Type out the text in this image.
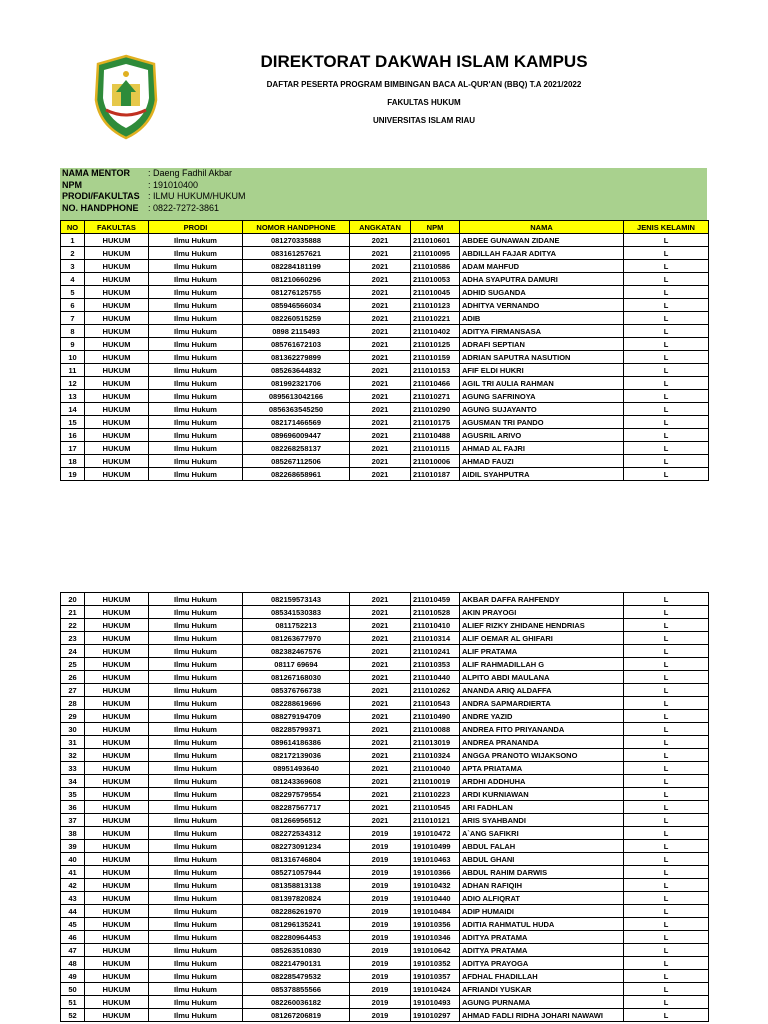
DIREKTORAT DAKWAH ISLAM KAMPUS
DAFTAR PESERTA PROGRAM BIMBINGAN BACA AL-QUR'AN (BBQ) T.A 2021/2022
FAKULTAS HUKUM
UNIVERSITAS ISLAM RIAU
NAMA MENTOR	: Daeng Fadhil Akbar
NPM	: 191010400
PRODI/FAKULTAS : ILMU HUKUM/HUKUM
NO. HANDPHONE	: 0822-7272-3861
NO	FAKULTAS	PRODI	NOMOR HANDPHONE	ANGKATAN	NPM	NAMA	JENIS KELAMIN
1	HUKUM	Ilmu Hukum	081270335888	2021	211010601	ABDEE GUNAWAN ZIDANE	L
2	HUKUM	Ilmu Hukum	083161257621	2021	211010095	ABDILLAH FAJAR ADITYA	L
3	HUKUM	Ilmu Hukum	082284181199	2021	211010586	ADAM MAHFUD	L
4	HUKUM	Ilmu Hukum	081210660296	2021	211010053	ADHA SYAPUTRA DAMURI	L
5	HUKUM	Ilmu Hukum	081276125755	2021	211010045	ADHID SUGANDA	L
6	HUKUM	Ilmu Hukum	085946566034	2021	211010123	ADHITYA VERNANDO	L
7	HUKUM	Ilmu Hukum	082260515259	2021	211010221	ADIB	L
8	HUKUM	Ilmu Hukum	0898 2115493	2021	211010402	ADITYA FIRMANSASA	L
9	HUKUM	Ilmu Hukum	085761672103	2021	211010125	ADRAFI SEPTIAN	L
10	HUKUM	Ilmu Hukum	081362279899	2021	211010159	ADRIAN SAPUTRA NASUTION	L
11	HUKUM	Ilmu Hukum	085263644832	2021	211010153	AFIF ELDI HUKRI	L
12	HUKUM	Ilmu Hukum	081992321706	2021	211010466	AGIL TRI AULIA RAHMAN	L
13	HUKUM	Ilmu Hukum	0895613042166	2021	211010271	AGUNG SAFRINOYA	L
14	HUKUM	Ilmu Hukum	0856363545250	2021	211010290	AGUNG SUJAYANTO	L
15	HUKUM	Ilmu Hukum	082171466569	2021	211010175	AGUSMAN TRI PANDO	L
16	HUKUM	Ilmu Hukum	089696009447	2021	211010488	AGUSRIL ARIVO	L
17	HUKUM	Ilmu Hukum	082268258137	2021	211010115	AHMAD AL FAJRI	L
18	HUKUM	Ilmu Hukum	085267112506	2021	211010006	AHMAD FAUZI	L
19	HUKUM	Ilmu Hukum	082268658961	2021	211010187	AIDIL SYAHPUTRA	L
20	HUKUM	Ilmu Hukum	082159573143	2021	211010459	AKBAR DAFFA RAHFENDY	L
21	HUKUM	Ilmu Hukum	085341530383	2021	211010528	AKIN PRAYOGI	L
22	HUKUM	Ilmu Hukum	0811752213	2021	211010410	ALIEF RIZKY ZHIDANE HENDRIAS	L
23	HUKUM	Ilmu Hukum	081263677970	2021	211010314	ALIF OEMAR AL GHIFARI	L
24	HUKUM	Ilmu Hukum	082382467576	2021	211010241	ALIF PRATAMA	L
25	HUKUM	Ilmu Hukum	08117 69694	2021	211010353	ALIF RAHMADILLAH G	L
26	HUKUM	Ilmu Hukum	081267168030	2021	211010440	ALPITO ABDI MAULANA	L
27	HUKUM	Ilmu Hukum	085376766738	2021	211010262	ANANDA ARIQ ALDAFFA	L
28	HUKUM	Ilmu Hukum	082288619696	2021	211010543	ANDRA SAPMARDIERTA	L
29	HUKUM	Ilmu Hukum	088279194709	2021	211010490	ANDRE YAZID	L
30	HUKUM	Ilmu Hukum	082285799371	2021	211010088	ANDREA FITO PRIYANANDA	L
31	HUKUM	Ilmu Hukum	089614186386	2021	211013019	ANDREA PRANANDA	L
32	HUKUM	Ilmu Hukum	082172139036	2021	211010324	ANGGA PRANOTO WIJAKSONO	L
33	HUKUM	Ilmu Hukum	08951493640	2021	211010040	APTA PRIATAMA	L
34	HUKUM	Ilmu Hukum	081243369608	2021	211010019	ARDHI ADDHUHA	L
35	HUKUM	Ilmu Hukum	082297579554	2021	211010223	ARDI KURNIAWAN	L
36	HUKUM	Ilmu Hukum	082287567717	2021	211010545	ARI FADHLAN	L
37	HUKUM	Ilmu Hukum	081266956512	2021	211010121	ARIS SYAHBANDI	L
38	HUKUM	Ilmu Hukum	082272534312	2019	191010472	A`ANG SAFIKRI	L
39	HUKUM	Ilmu Hukum	082273091234	2019	191010499	ABDUL FALAH	L
40	HUKUM	Ilmu Hukum	081316746804	2019	191010463	ABDUL GHANI	L
41	HUKUM	Ilmu Hukum	085271057944	2019	191010366	ABDUL RAHIM DARWIS	L
42	HUKUM	Ilmu Hukum	081358813138	2019	191010432	ADHAN RAFIQIH	L
43	HUKUM	Ilmu Hukum	081397820824	2019	191010440	ADIO ALFIQRAT	L
44	HUKUM	Ilmu Hukum	082286261970	2019	191010484	ADIP HUMAIDI	L
45	HUKUM	Ilmu Hukum	081296135241	2019	191010356	ADITIA RAHMATUL HUDA	L
46	HUKUM	Ilmu Hukum	082280964453	2019	191010346	ADITYA PRATAMA	L
47	HUKUM	Ilmu Hukum	085263510830	2019	191010642	ADITYA PRATAMA	L
48	HUKUM	Ilmu Hukum	082214790131	2019	191010352	ADITYA PRAYOGA	L
49	HUKUM	Ilmu Hukum	082285479532	2019	191010357	AFDHAL FHADILLAH	L
50	HUKUM	Ilmu Hukum	085378855566	2019	191010424	AFRIANDI YUSKAR	L
51	HUKUM	Ilmu Hukum	082260036182	2019	191010493	AGUNG PURNAMA	L
52	HUKUM	Ilmu Hukum	081267206819	2019	191010297	AHMAD FADLI RIDHA JOHARI NAWAWI	L
